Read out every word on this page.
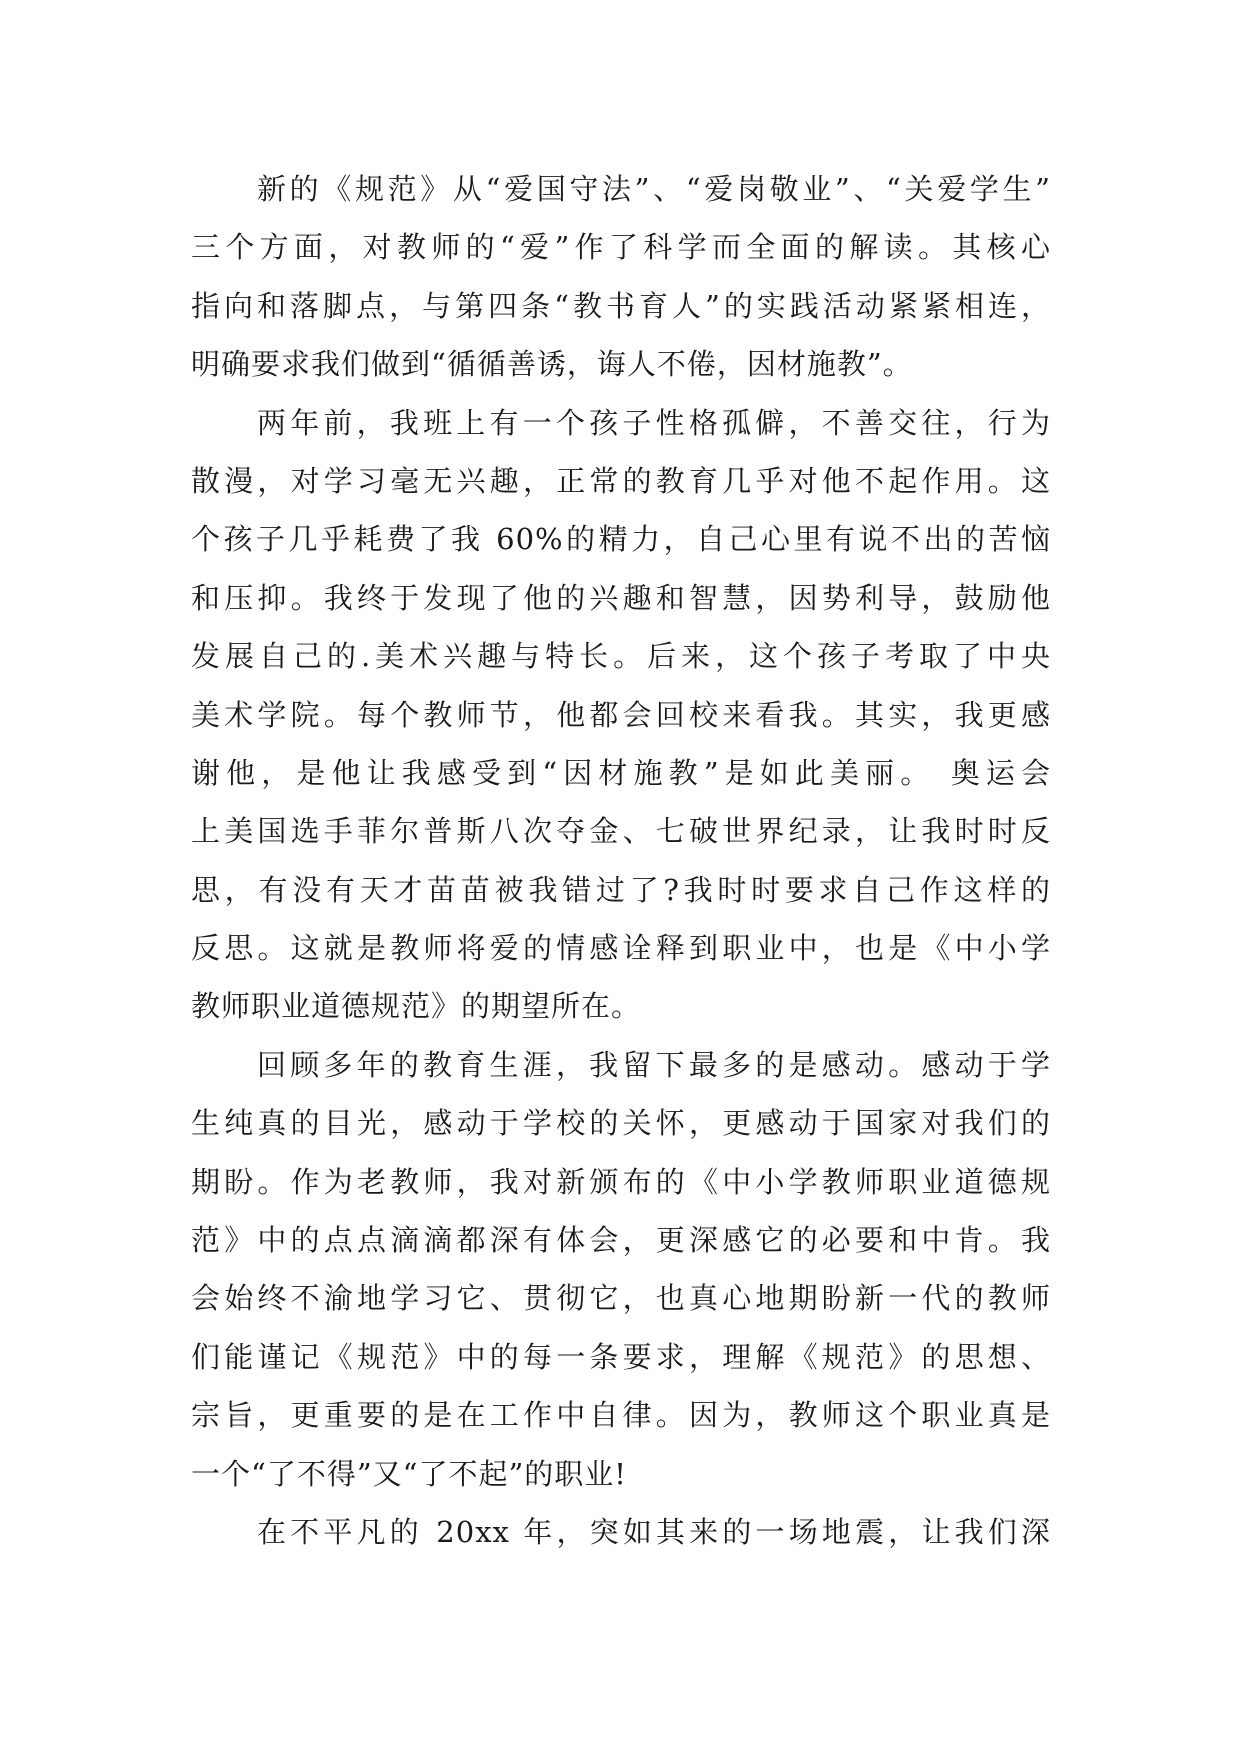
新的《规范》从“爱国守法”、“爱岗敬业”、“关爱学生”
三个方面，对教师的“爱”作了科学而全面的解读。其核心
指向和落脚点，与第四条“教书育人”的实践活动紧紧相连，
明确要求我们做到“循循善诱，诲人不倦，因材施教”。
两年前，我班上有一个孩子性格孤僻，不善交往，行为
散漫，对学习毫无兴趣，正常的教育几乎对他不起作用。这
个孩子几乎耗费了我 60%的精力，自己心里有说不出的苦恼
和压抑。我终于发现了他的兴趣和智慧，因势利导，鼓励他
发展自己的.美术兴趣与特长。后来，这个孩子考取了中央
美术学院。每个教师节，他都会回校来看我。其实，我更感
谢他，是他让我感受到“因材施教”是如此美丽。 奥运会
上美国选手菲尔普斯八次夺金、七破世界纪录，让我时时反
思，有没有天才苗苗被我错过了?我时时要求自己作这样的
反思。这就是教师将爱的情感诠释到职业中，也是《中小学
教师职业道德规范》的期望所在。
回顾多年的教育生涯，我留下最多的是感动。感动于学
生纯真的目光，感动于学校的关怀，更感动于国家对我们的
期盼。作为老教师，我对新颁布的《中小学教师职业道德规
范》中的点点滴滴都深有体会，更深感它的必要和中肯。我
会始终不渝地学习它、贯彻它，也真心地期盼新一代的教师
们能谨记《规范》中的每一条要求，理解《规范》的思想、
宗旨，更重要的是在工作中自律。因为，教师这个职业真是
一个“了不得”又“了不起”的职业!
在不平凡的 20xx 年，突如其来的一场地震，让我们深
